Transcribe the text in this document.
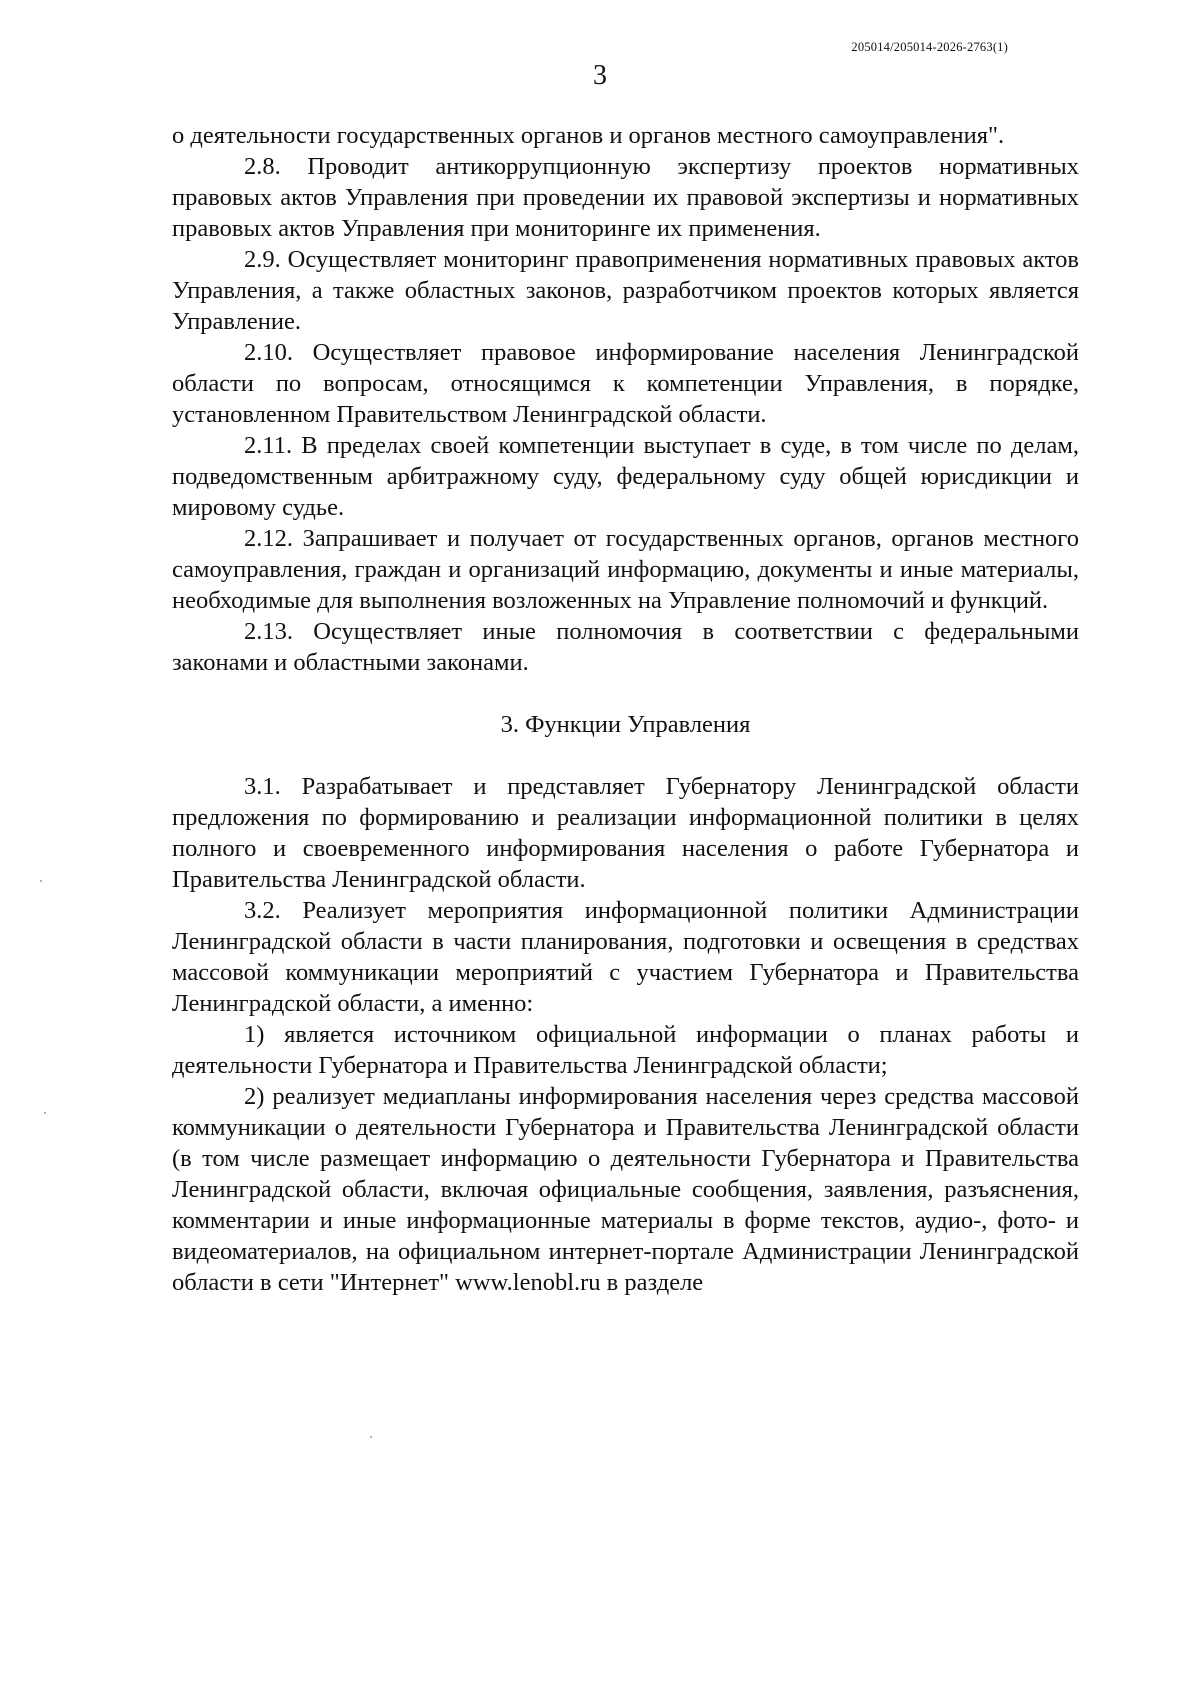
205014/205014-2026-2763(1)
3

о деятельности государственных органов и органов местного самоуправления".

2.8. Проводит антикоррупционную экспертизу проектов нормативных правовых актов Управления при проведении их правовой экспертизы и нормативных правовых актов Управления при мониторинге их применения.

2.9. Осуществляет мониторинг правоприменения нормативных правовых актов Управления, а также областных законов, разработчиком проектов которых является Управление.

2.10. Осуществляет правовое информирование населения Ленинградской области по вопросам, относящимся к компетенции Управления, в порядке, установленном Правительством Ленинградской области.

2.11. В пределах своей компетенции выступает в суде, в том числе по делам, подведомственным арбитражному суду, федеральному суду общей юрисдикции и мировому судье.

2.12. Запрашивает и получает от государственных органов, органов местного самоуправления, граждан и организаций информацию, документы и иные материалы, необходимые для выполнения возложенных на Управление полномочий и функций.

2.13. Осуществляет иные полномочия в соответствии с федеральными законами и областными законами.

3. Функции Управления

3.1. Разрабатывает и представляет Губернатору Ленинградской области предложения по формированию и реализации информационной политики в целях полного и своевременного информирования населения о работе Губернатора и Правительства Ленинградской области.

3.2. Реализует мероприятия информационной политики Администрации Ленинградской области в части планирования, подготовки и освещения в средствах массовой коммуникации мероприятий с участием Губернатора и Правительства Ленинградской области, а именно:

1) является источником официальной информации о планах работы и деятельности Губернатора и Правительства Ленинградской области;

2) реализует медиапланы информирования населения через средства массовой коммуникации о деятельности Губернатора и Правительства Ленинградской области (в том числе размещает информацию о деятельности Губернатора и Правительства Ленинградской области, включая официальные сообщения, заявления, разъяснения, комментарии и иные информационные материалы в форме текстов, аудио-, фото- и видеоматериалов, на официальном интернет-портале Администрации Ленинградской области в сети "Интернет" www.lenobl.ru в разделе
